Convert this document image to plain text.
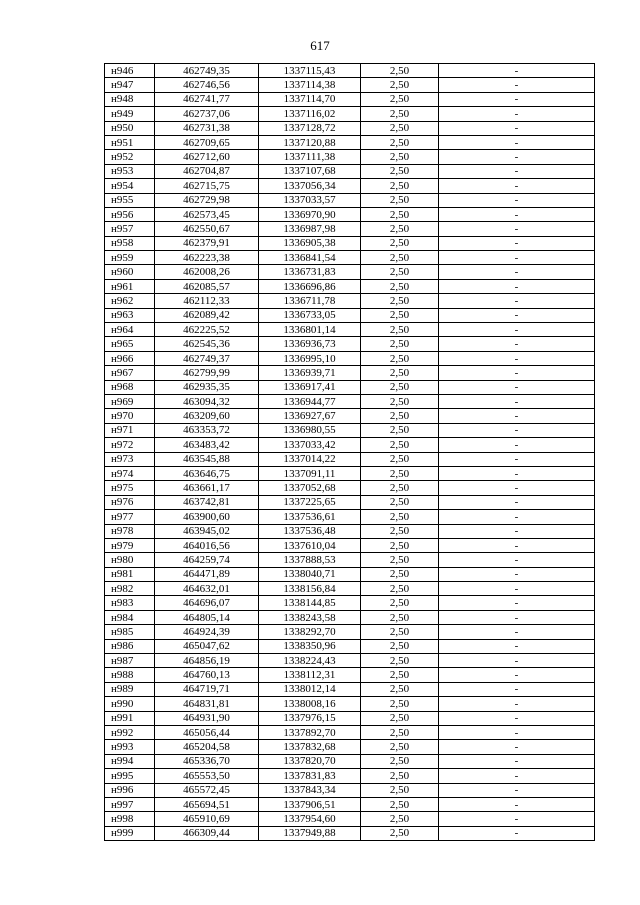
617
н946	462749,35	1337115,43	2,50	-
н947	462746,56	1337114,38	2,50	-
н948	462741,77	1337114,70	2,50	-
н949	462737,06	1337116,02	2,50	-
н950	462731,38	1337128,72	2,50	-
н951	462709,65	1337120,88	2,50	-
н952	462712,60	1337111,38	2,50	-
н953	462704,87	1337107,68	2,50	-
н954	462715,75	1337056,34	2,50	-
н955	462729,98	1337033,57	2,50	-
н956	462573,45	1336970,90	2,50	-
н957	462550,67	1336987,98	2,50	-
н958	462379,91	1336905,38	2,50	-
н959	462223,38	1336841,54	2,50	-
н960	462008,26	1336731,83	2,50	-
н961	462085,57	1336696,86	2,50	-
н962	462112,33	1336711,78	2,50	-
н963	462089,42	1336733,05	2,50	-
н964	462225,52	1336801,14	2,50	-
н965	462545,36	1336936,73	2,50	-
н966	462749,37	1336995,10	2,50	-
н967	462799,99	1336939,71	2,50	-
н968	462935,35	1336917,41	2,50	-
н969	463094,32	1336944,77	2,50	-
н970	463209,60	1336927,67	2,50	-
н971	463353,72	1336980,55	2,50	-
н972	463483,42	1337033,42	2,50	-
н973	463545,88	1337014,22	2,50	-
н974	463646,75	1337091,11	2,50	-
н975	463661,17	1337052,68	2,50	-
н976	463742,81	1337225,65	2,50	-
н977	463900,60	1337536,61	2,50	-
н978	463945,02	1337536,48	2,50	-
н979	464016,56	1337610,04	2,50	-
н980	464259,74	1337888,53	2,50	-
н981	464471,89	1338040,71	2,50	-
н982	464632,01	1338156,84	2,50	-
н983	464696,07	1338144,85	2,50	-
н984	464805,14	1338243,58	2,50	-
н985	464924,39	1338292,70	2,50	-
н986	465047,62	1338350,96	2,50	-
н987	464856,19	1338224,43	2,50	-
н988	464760,13	1338112,31	2,50	-
н989	464719,71	1338012,14	2,50	-
н990	464831,81	1338008,16	2,50	-
н991	464931,90	1337976,15	2,50	-
н992	465056,44	1337892,70	2,50	-
н993	465204,58	1337832,68	2,50	-
н994	465336,70	1337820,70	2,50	-
н995	465553,50	1337831,83	2,50	-
н996	465572,45	1337843,34	2,50	-
н997	465694,51	1337906,51	2,50	-
н998	465910,69	1337954,60	2,50	-
н999	466309,44	1337949,88	2,50	-
